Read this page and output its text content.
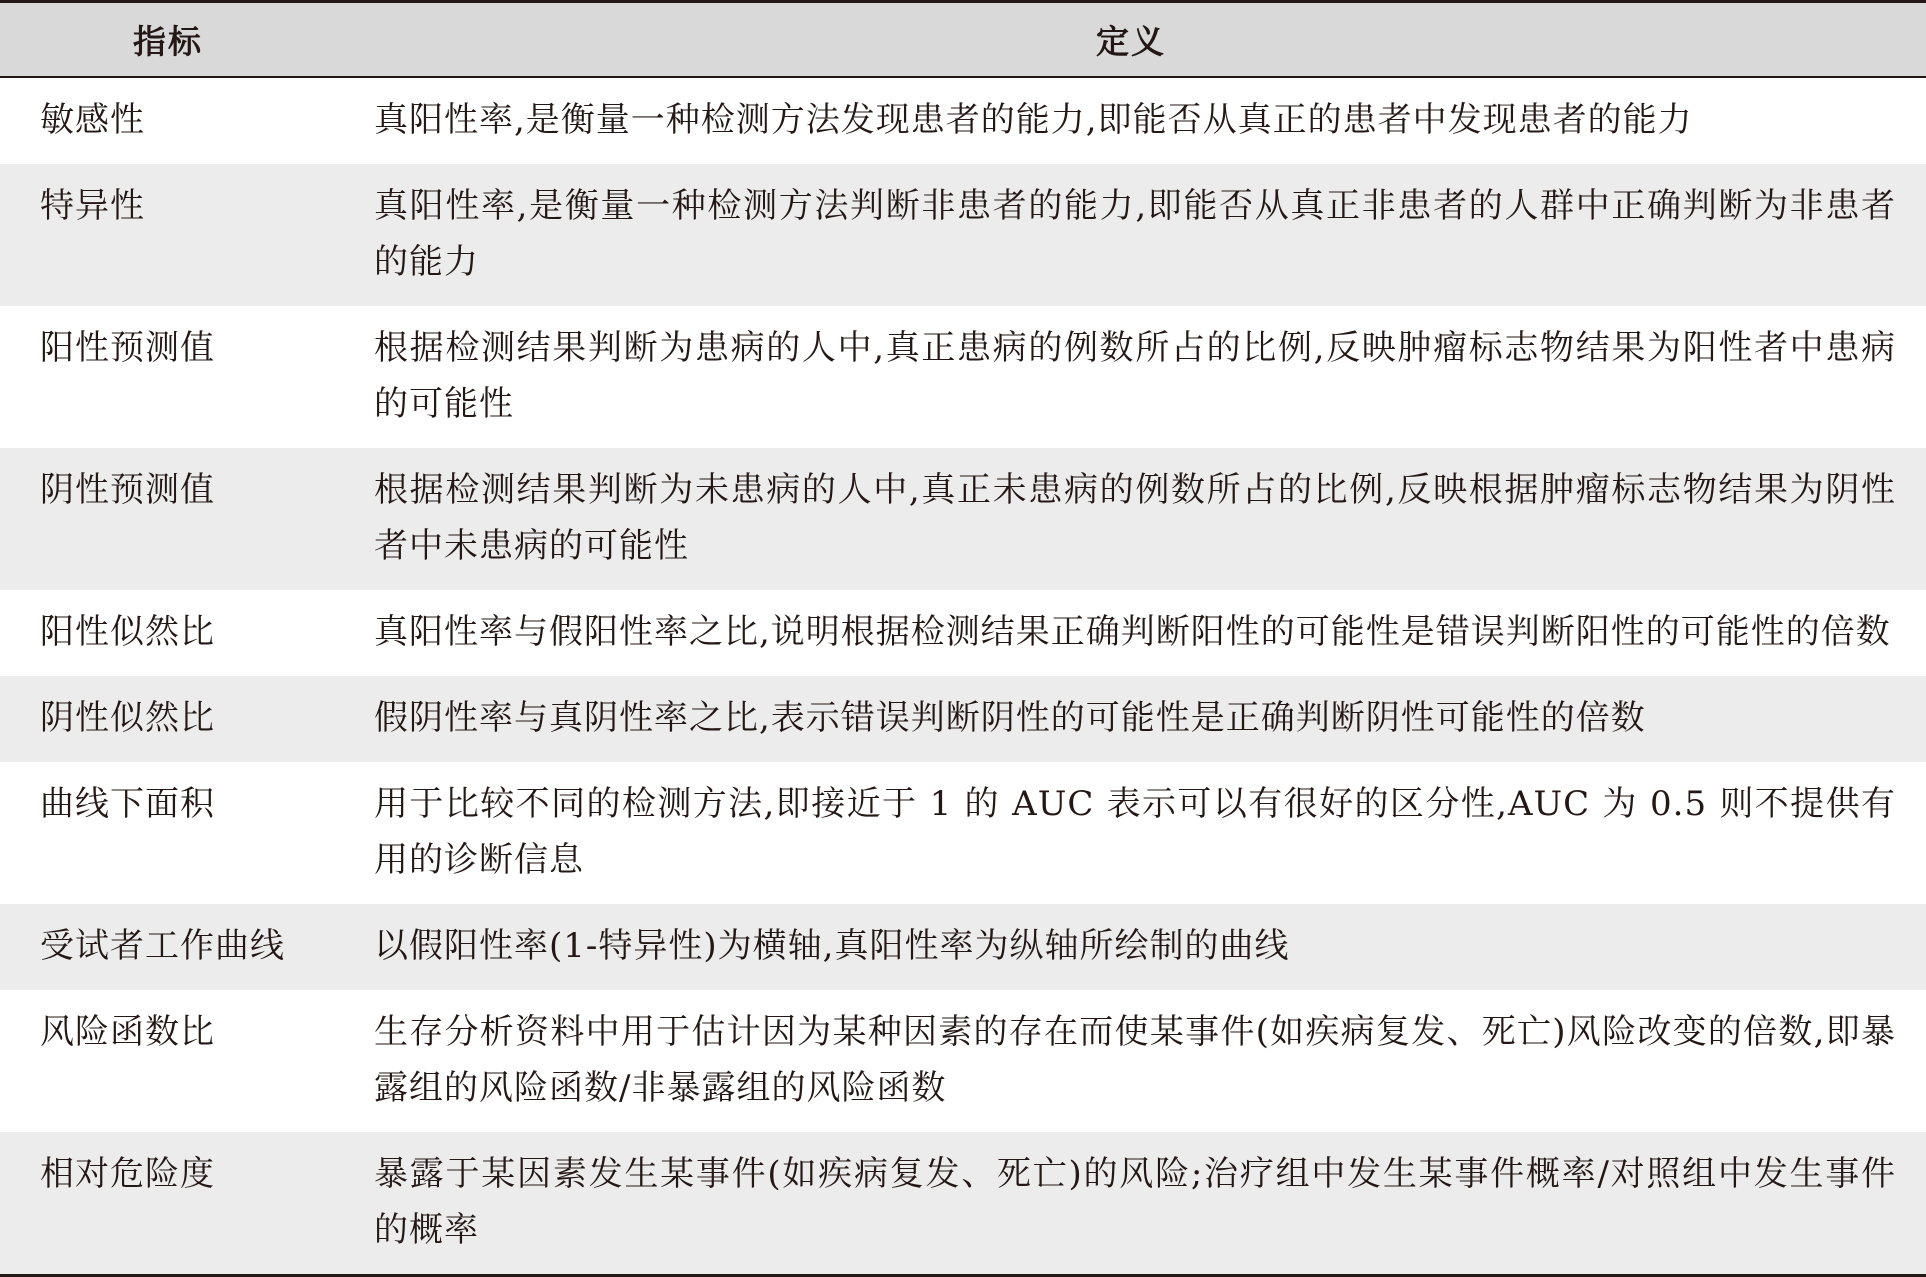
指标	定义
敏感性	真阳性率,是衡量一种检测方法发现患者的能力,即能否从真正的患者中发现患者的能力
特异性	真阳性率,是衡量一种检测方法判断非患者的能力,即能否从真正非患者的人群中正确判断为非患者的能力
阳性预测值	根据检测结果判断为患病的人中,真正患病的例数所占的比例,反映肿瘤标志物结果为阳性者中患病的可能性
阴性预测值	根据检测结果判断为未患病的人中,真正未患病的例数所占的比例,反映根据肿瘤标志物结果为阴性者中未患病的可能性
阳性似然比	真阳性率与假阳性率之比,说明根据检测结果正确判断阳性的可能性是错误判断阳性的可能性的倍数
阴性似然比	假阴性率与真阴性率之比,表示错误判断阴性的可能性是正确判断阴性可能性的倍数
曲线下面积	用于比较不同的检测方法,即接近于 1 的 AUC 表示可以有很好的区分性,AUC 为 0.5 则不提供有用的诊断信息
受试者工作曲线	以假阳性率(1-特异性)为横轴,真阳性率为纵轴所绘制的曲线
风险函数比	生存分析资料中用于估计因为某种因素的存在而使某事件(如疾病复发、死亡)风险改变的倍数,即暴露组的风险函数/非暴露组的风险函数
相对危险度	暴露于某因素发生某事件(如疾病复发、死亡)的风险;治疗组中发生某事件概率/对照组中发生事件的概率
